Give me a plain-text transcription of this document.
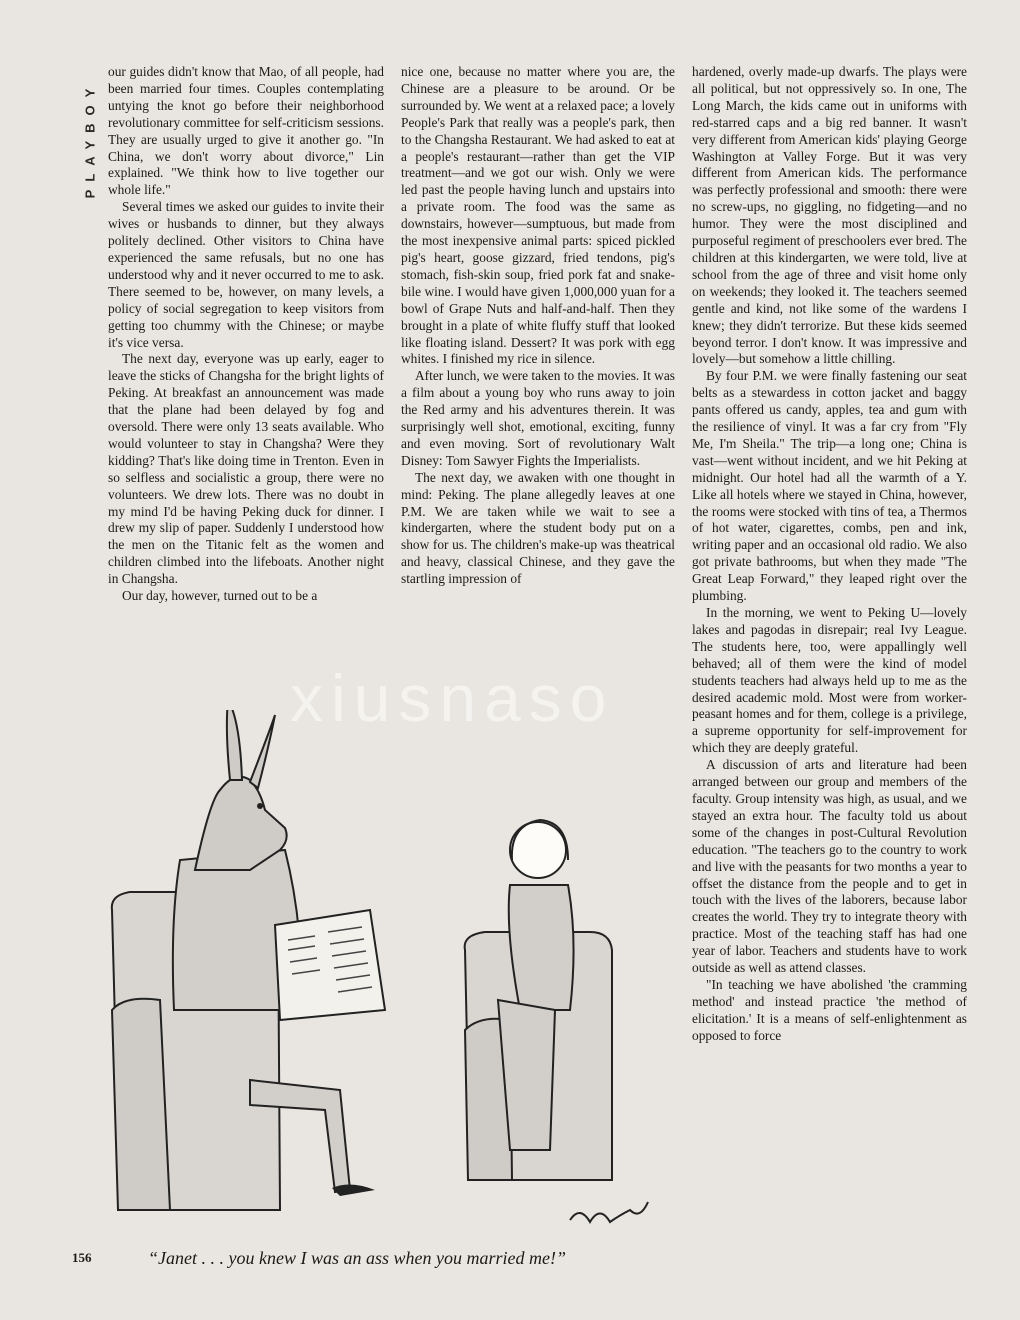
PLAYBOY

our guides didn't know that Mao, of all people, had been married four times. Couples contemplating untying the knot go before their neighborhood revolutionary committee for self-criticism sessions. They are usually urged to give it another go. "In China, we don't worry about divorce," Lin explained. "We think how to live together our whole life."

Several times we asked our guides to invite their wives or husbands to dinner, but they always politely declined. Other visitors to China have experienced the same refusals, but no one has understood why and it never occurred to me to ask. There seemed to be, however, on many levels, a policy of social segregation to keep visitors from getting too chummy with the Chinese; or maybe it's vice versa.

The next day, everyone was up early, eager to leave the sticks of Changsha for the bright lights of Peking. At breakfast an announcement was made that the plane had been delayed by fog and oversold. There were only 13 seats available. Who would volunteer to stay in Changsha? Were they kidding? That's like doing time in Trenton. Even in so selfless and socialistic a group, there were no volunteers. We drew lots. There was no doubt in my mind I'd be having Peking duck for dinner. I drew my slip of paper. Suddenly I understood how the men on the Titanic felt as the women and children climbed into the lifeboats. Another night in Changsha.

Our day, however, turned out to be a

nice one, because no matter where you are, the Chinese are a pleasure to be around. Or be surrounded by. We went at a relaxed pace; a lovely People's Park that really was a people's park, then to the Changsha Restaurant. We had asked to eat at a people's restaurant—rather than get the VIP treatment—and we got our wish. Only we were led past the people having lunch and upstairs into a private room. The food was the same as downstairs, however—sumptuous, but made from the most inexpensive animal parts: spiced pickled pig's heart, goose gizzard, fried tendons, pig's stomach, fish-skin soup, fried pork fat and snake-bile wine. I would have given 1,000,000 yuan for a bowl of Grape Nuts and half-and-half. Then they brought in a plate of white fluffy stuff that looked like floating island. Dessert? It was pork with egg whites. I finished my rice in silence.

After lunch, we were taken to the movies. It was a film about a young boy who runs away to join the Red army and his adventures therein. It was surprisingly well shot, emotional, exciting, funny and even moving. Sort of revolutionary Walt Disney: Tom Sawyer Fights the Imperialists.

The next day, we awaken with one thought in mind: Peking. The plane allegedly leaves at one P.M. We are taken while we wait to see a kindergarten, where the student body put on a show for us. The children's make-up was theatrical and heavy, classical Chinese, and they gave the startling impression of

hardened, overly made-up dwarfs. The plays were all political, but not oppressively so. In one, The Long March, the kids came out in uniforms with red-starred caps and a big red banner. It wasn't very different from American kids' playing George Washington at Valley Forge. But it was very different from American kids. The performance was perfectly professional and smooth: there were no screw-ups, no giggling, no fidgeting—and no humor. They were the most disciplined and purposeful regiment of preschoolers ever bred. The children at this kindergarten, we were told, live at school from the age of three and visit home only on weekends; they looked it. The teachers seemed gentle and kind, not like some of the wardens I knew; they didn't terrorize. But these kids seemed beyond terror. I don't know. It was impressive and lovely—but somehow a little chilling.

By four P.M. we were finally fastening our seat belts as a stewardess in cotton jacket and baggy pants offered us candy, apples, tea and gum with the resilience of vinyl. It was a far cry from "Fly Me, I'm Sheila." The trip—a long one; China is vast—went without incident, and we hit Peking at midnight. Our hotel had all the warmth of a Y. Like all hotels where we stayed in China, however, the rooms were stocked with tins of tea, a Thermos of hot water, cigarettes, combs, pen and ink, writing paper and an occasional old radio. We also got private bathrooms, but when they made "The Great Leap Forward," they leaped right over the plumbing.

In the morning, we went to Peking U—lovely lakes and pagodas in disrepair; real Ivy League. The students here, too, were appallingly well behaved; all of them were the kind of model students teachers had always held up to me as the desired academic mold. Most were from worker-peasant homes and for them, college is a privilege, a supreme opportunity for self-improvement for which they are deeply grateful.

A discussion of arts and literature had been arranged between our group and members of the faculty. Group intensity was high, as usual, and we stayed an extra hour. The faculty told us about some of the changes in post-Cultural Revolution education. "The teachers go to the country to work and live with the peasants for two months a year to offset the distance from the people and to get in touch with the lives of the laborers, because labor creates the world. They try to integrate theory with practice. Most of the teaching staff has had one year of labor. Teachers and students have to work outside as well as attend classes.

"In teaching we have abolished 'the cramming method' and instead practice 'the method of elicitation.' It is a means of self-enlightenment as opposed to force

xiusnaso
Mal
156	“Janet . . . you knew I was an ass when you married me!”
